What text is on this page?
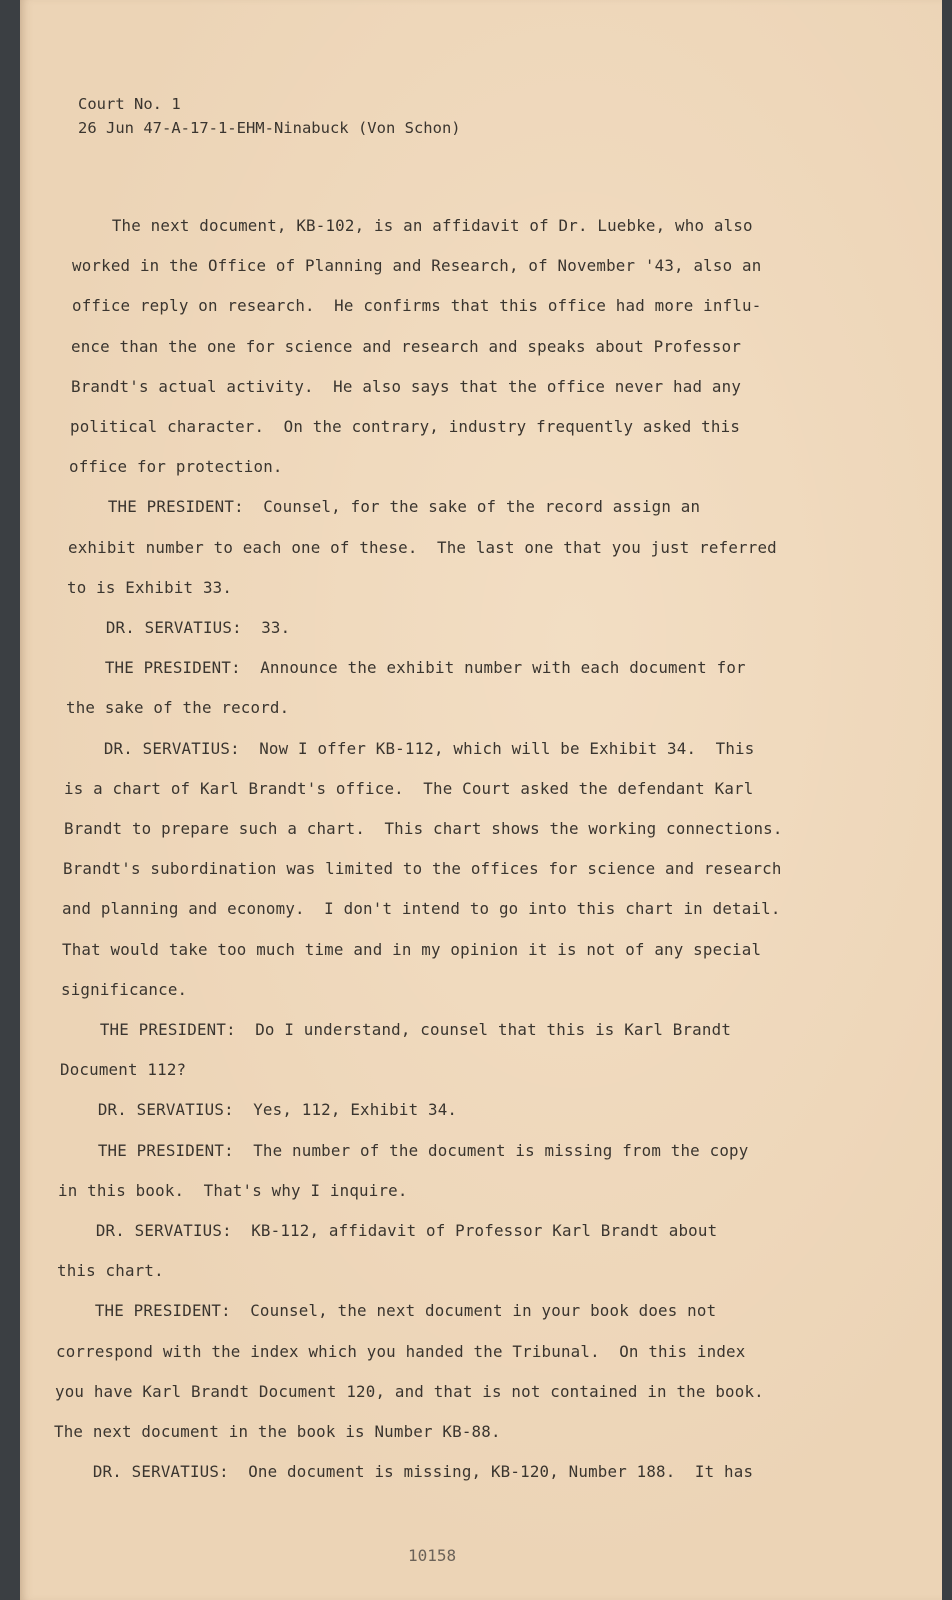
Court No. 1
26 Jun 47-A-17-1-EHM-Ninabuck (Von Schon)
The next document, KB-102, is an affidavit of Dr. Luebke, who also
worked in the Office of Planning and Research, of November '43, also an
office reply on research.  He confirms that this office had more influ-
ence than the one for science and research and speaks about Professor
Brandt's actual activity.  He also says that the office never had any
political character.  On the contrary, industry frequently asked this
office for protection.
THE PRESIDENT:  Counsel, for the sake of the record assign an
exhibit number to each one of these.  The last one that you just referred
to is Exhibit 33.
DR. SERVATIUS:  33.
THE PRESIDENT:  Announce the exhibit number with each document for
the sake of the record.
DR. SERVATIUS:  Now I offer KB-112, which will be Exhibit 34.  This
is a chart of Karl Brandt's office.  The Court asked the defendant Karl
Brandt to prepare such a chart.  This chart shows the working connections.
Brandt's subordination was limited to the offices for science and research
and planning and economy.  I don't intend to go into this chart in detail.
That would take too much time and in my opinion it is not of any special
significance.
THE PRESIDENT:  Do I understand, counsel that this is Karl Brandt
Document 112?
DR. SERVATIUS:  Yes, 112, Exhibit 34.
THE PRESIDENT:  The number of the document is missing from the copy
in this book.  That's why I inquire.
DR. SERVATIUS:  KB-112, affidavit of Professor Karl Brandt about
this chart.
THE PRESIDENT:  Counsel, the next document in your book does not
correspond with the index which you handed the Tribunal.  On this index
you have Karl Brandt Document 120, and that is not contained in the book.
The next document in the book is Number KB-88.
DR. SERVATIUS:  One document is missing, KB-120, Number 188.  It has
10158
